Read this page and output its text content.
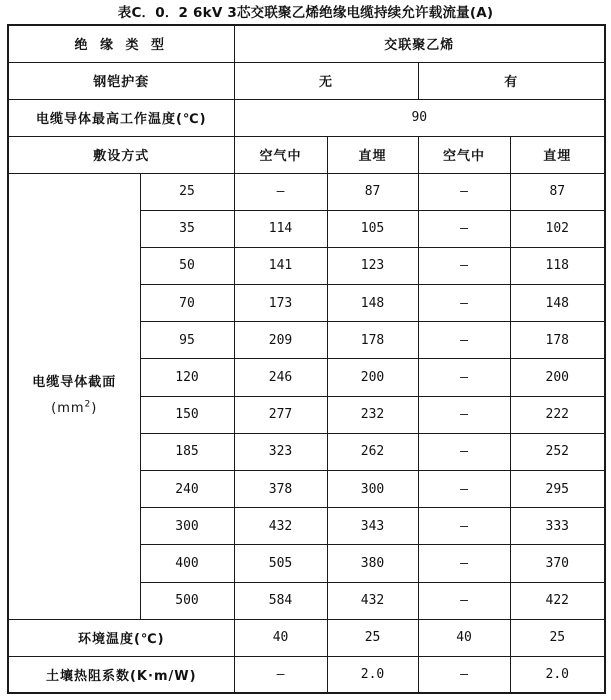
表C．0．2 6kV 3芯交联聚乙烯绝缘电缆持续允许载流量(A)
绝 缘 类 型		交联聚乙烯			
钢铠护套		无		有	
电缆导体最高工作温度(℃)		90			
敷设方式		空气中	直埋	空气中	直埋
电缆导体截面
$(mm^2)$	25	—	87	—	87
	35	114	105	—	102
	50	141	123	—	118
	70	173	148	—	148
	95	209	178	—	178
	120	246	200	—	200
	150	277	232	—	222
	185	323	262	—	252
	240	378	300	—	295
	300	432	343	—	333
	400	505	380	—	370
	500	584	432	—	422
环境温度(℃)		40	25	40	25
土壤热阻系数(K·m/W)		—	2.0	—	2.0
